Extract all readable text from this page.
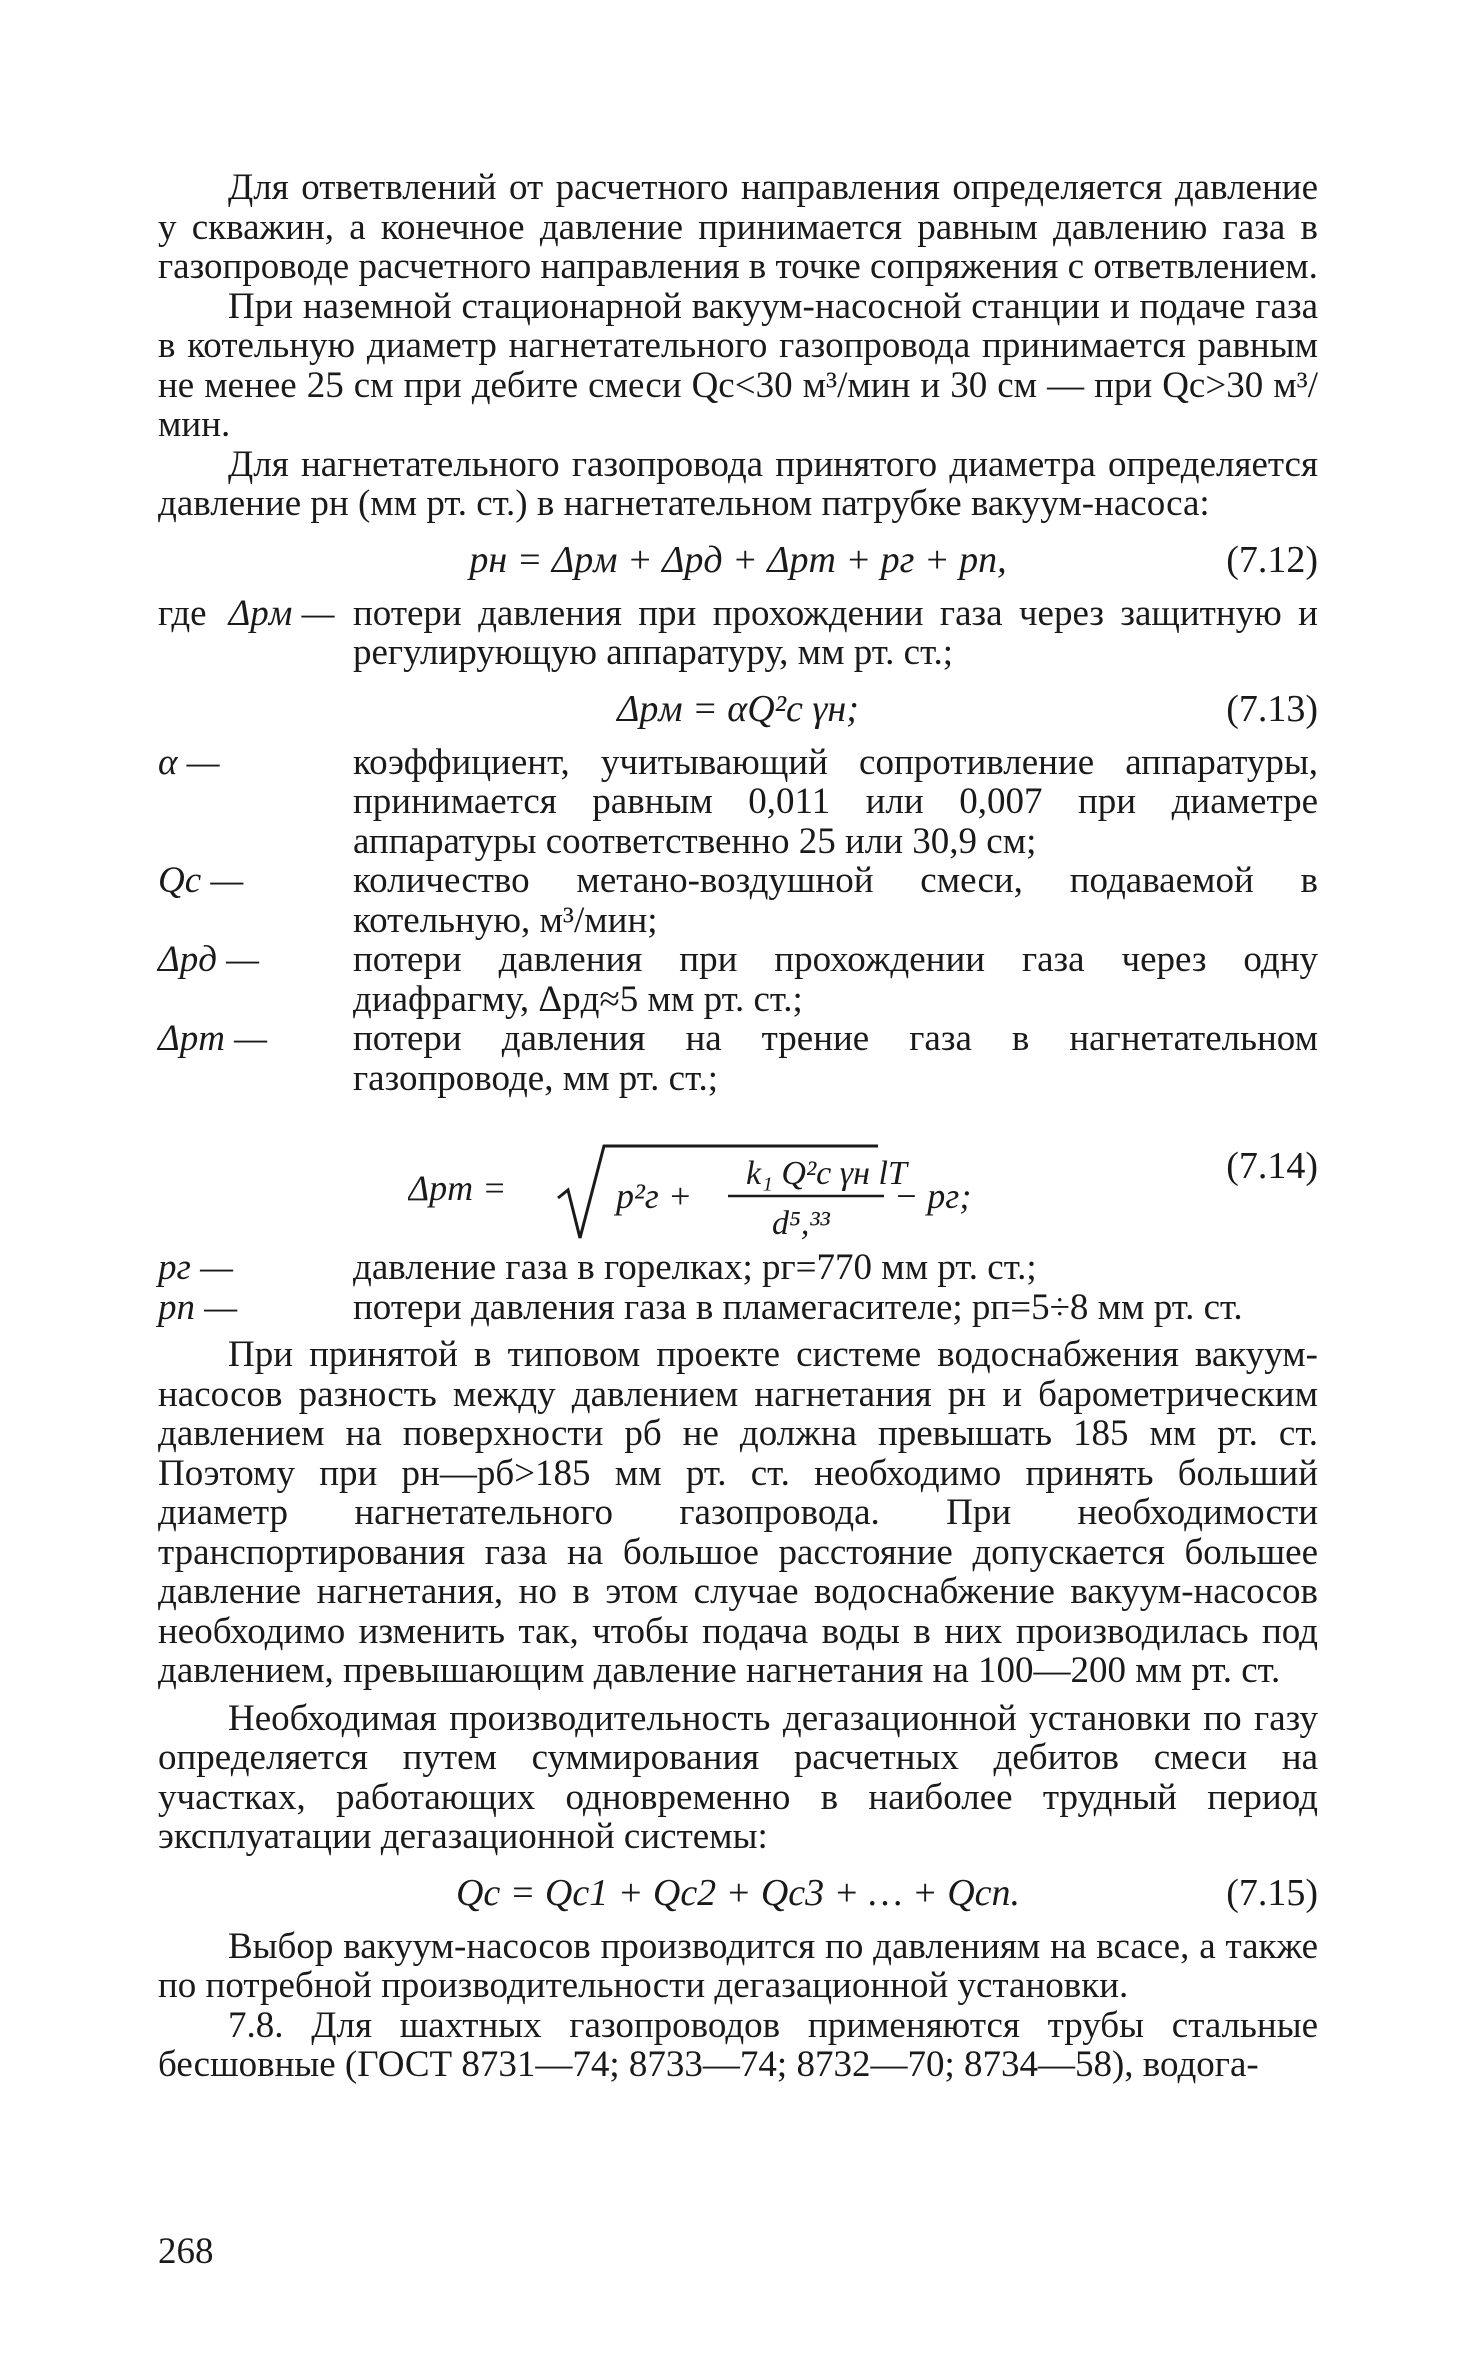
Для ответвлений от расчетного направления определяется давление у скважин, а конечное давление принимается равным давлению газа в газопроводе расчетного направления в точке сопряжения с ответвлением.

При наземной стационарной вакуум-насосной станции и подаче газа в котельную диаметр нагнетательного газопровода принимается равным не менее 25 см при дебите смеси Qс<30 м³/мин и 30 см — при Qс>30 м³/мин.

Для нагнетательного газопровода принятого диаметра определяется давление pн (мм рт. ст.) в нагнетательном патрубке вакуум-насоса:

pн = Δpм + Δpд + Δpт + pг + pп,	(7.12)
где Δpм — потери давления при прохождении газа через защитную и регулирующую аппаратуру, мм рт. ст.;
Δpм = αQ²с γн;	(7.13)
α —	коэффициент, учитывающий сопротивление аппаратуры, принимается равным 0,011 или 0,007 при диаметре аппаратуры соответственно 25 или 30,9 см;
Qс —	количество метано-воздушной смеси, подаваемой в котельную, м³/мин;
Δpд —	потери давления при прохождении газа через одну диафрагму, Δpд≈5 мм рт. ст.;
Δpт —	потери давления на трение газа в нагнетательном газопроводе, мм рт. ст.;
Δpт =	p²г +
k₁ Q²с γн lT
d⁵,³³
− pг;
(7.14)
pг —	давление газа в горелках; pг=770 мм рт. ст.;
pп —	потери давления газа в пламегасителе; pп=5÷8 мм рт. ст.

При принятой в типовом проекте системе водоснабжения вакуум-насосов разность между давлением нагнетания pн и барометрическим давлением на поверхности pб не должна превышать 185 мм рт. ст. Поэтому при pн—pб>185 мм рт. ст. необходимо принять больший диаметр нагнетательного газопровода. При необходимости транспортирования газа на большое расстояние допускается большее давление нагнетания, но в этом случае водоснабжение вакуум-насосов необходимо изменить так, чтобы подача воды в них производилась под давлением, превышающим давление нагнетания на 100—200 мм рт. ст.

Необходимая производительность дегазационной установки по газу определяется путем суммирования расчетных дебитов смеси на участках, работающих одновременно в наиболее трудный период эксплуатации дегазационной системы:

Qс = Qс1 + Qс2 + Qс3 + … + Qсn.	(7.15)

Выбор вакуум-насосов производится по давлениям на всасе, а также по потребной производительности дегазационной установки.

7.8. Для шахтных газопроводов применяются трубы стальные бесшовные (ГОСТ 8731—74; 8733—74; 8732—70; 8734—58), водога-

268
